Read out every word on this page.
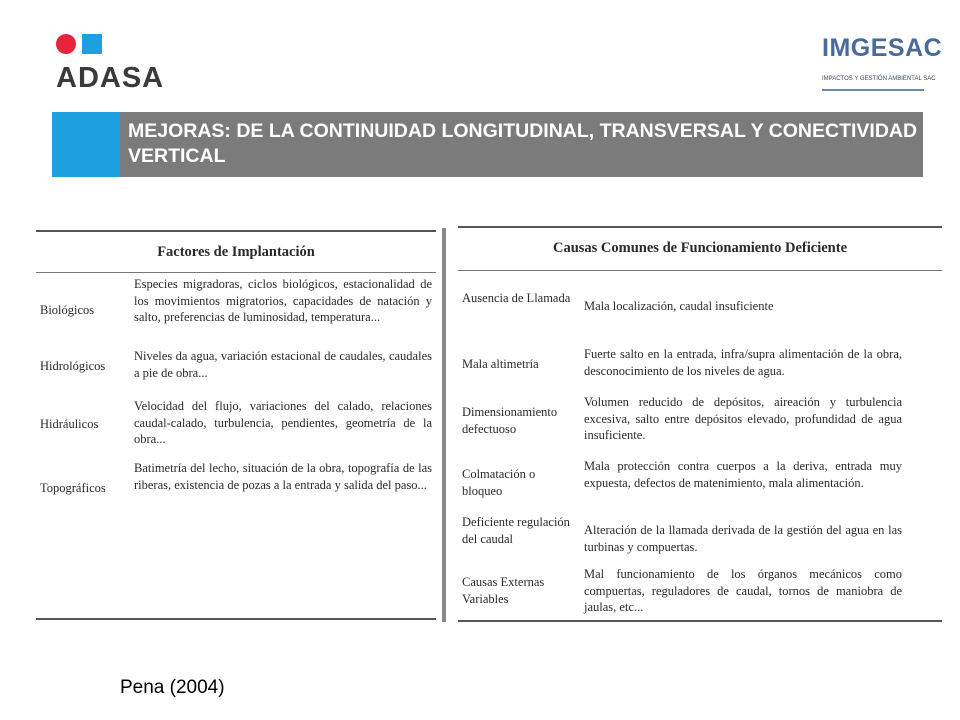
ADASA
IMGESAC
IMPACTOS Y GESTIÓN AMBIENTAL SAC
MEJORAS: DE LA CONTINUIDAD LONGITUDINAL, TRANSVERSAL Y CONECTIVIDAD VERTICAL
Factores de Implantación
Biológicos
Especies migradoras, ciclos biológicos, estacionalidad de los movimientos migratorios, capacidades de natación y salto, preferencias de luminosidad, temperatura...
Hidrológicos
Niveles da agua, variación estacional de caudales, caudales a pie de obra...
Hidráulicos
Velocidad del flujo, variaciones del calado, relaciones caudal-calado, turbulencia, pendientes, geometría de la obra...
Topográficos
Batimetría del lecho, situación de la obra, topografía de las riberas, existencia de pozas a la entrada y salida del paso...
Causas Comunes de Funcionamiento Deficiente
Ausencia de Llamada
Mala localización, caudal insuficiente
Mala altimetría
Fuerte salto en la entrada, infra/supra alimentación de la obra, desconocimiento de los niveles de agua.
Dimensionamiento defectuoso
Volumen reducido de depósitos, aireación y turbulencia excesiva, salto entre depósitos elevado, profundidad de agua insuficiente.
Colmatación o bloqueo
Mala protección contra cuerpos a la deriva, entrada muy expuesta, defectos de matenimiento, mala alimentación.
Deficiente regulación del caudal
Alteración de la llamada derivada de la gestión del agua en las turbinas y compuertas.
Causas Externas Variables
Mal funcionamiento de los órganos mecánicos como compuertas, reguladores de caudal, tornos de maniobra de jaulas, etc...
Pena (2004)
